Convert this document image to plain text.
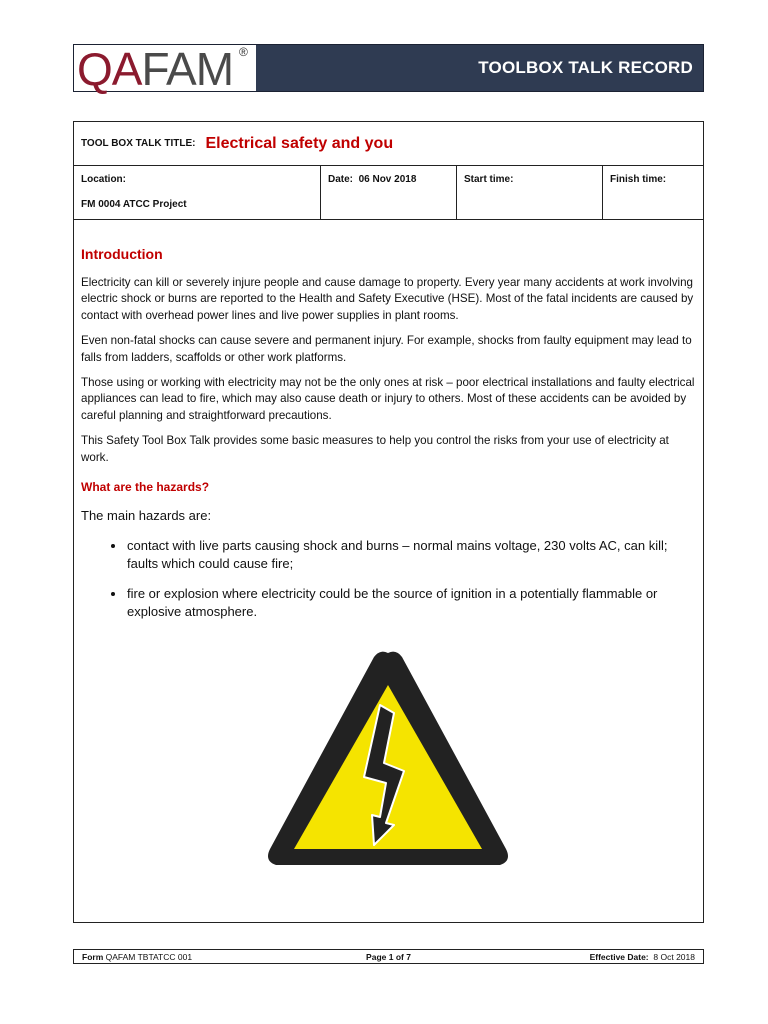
QA FAM ®
TOOLBOX TALK RECORD
TOOL BOX TALK TITLE: Electrical safety and you
Location:
FM 0004 ATCC Project
Date: 06 Nov 2018	Start time:	Finish time:
Introduction

Electricity can kill or severely injure people and cause damage to property. Every year many accidents at work involving electric shock or burns are reported to the Health and Safety Executive (HSE). Most of the fatal incidents are caused by contact with overhead power lines and live power supplies in plant rooms.

Even non-fatal shocks can cause severe and permanent injury. For example, shocks from faulty equipment may lead to falls from ladders, scaffolds or other work platforms.

Those using or working with electricity may not be the only ones at risk – poor electrical installations and faulty electrical appliances can lead to fire, which may also cause death or injury to others. Most of these accidents can be avoided by careful planning and straightforward precautions.

This Safety Tool Box Talk provides some basic measures to help you control the risks from your use of electricity at work.

What are the hazards?

The main hazards are:

• contact with live parts causing shock and burns – normal mains voltage, 230 volts AC, can kill; faults which could cause fire;
• fire or explosion where electricity could be the source of ignition in a potentially flammable or explosive atmosphere.
Form QAFAM TBTATCC 001	Page 1 of 7	Effective Date: 8 Oct 2018
